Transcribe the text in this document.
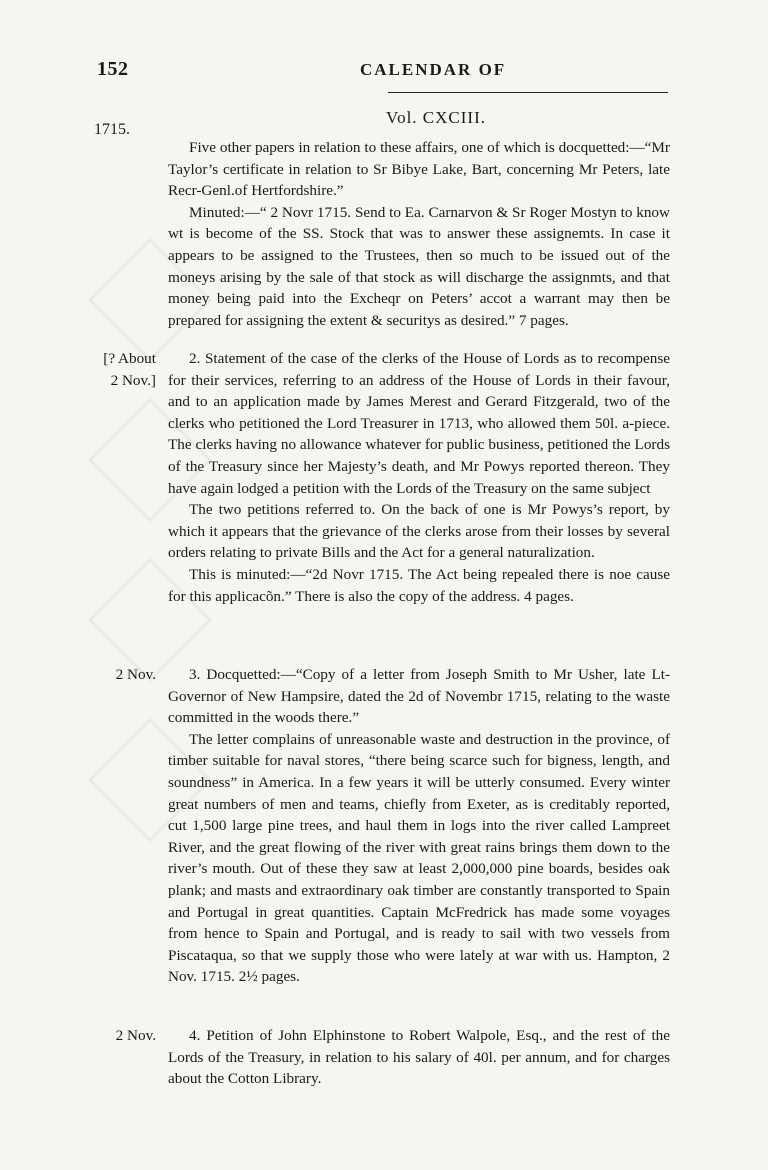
152	CALENDAR OF
Vol. CXCIII.
1715.

Five other papers in relation to these affairs, one of which is docquetted:—“Mr Taylor’s certificate in relation to Sr Bibye Lake, Bart, concerning Mr Peters, late Recr-Genl.of Hertfordshire.”

Minuted:—“ 2 Novr 1715. Send to Ea. Carnarvon & Sr Roger Mostyn to know wt is become of the SS. Stock that was to answer these assignemts. In case it appears to be assigned to the Trustees, then so much to be issued out of the moneys arising by the sale of that stock as will discharge the assignmts, and that money being paid into the Excheqr on Peters’ accot a warrant may then be prepared for assigning the extent & securitys as desired.” 7 pages.

[? About 2 Nov.]

2. Statement of the case of the clerks of the House of Lords as to recompense for their services, referring to an address of the House of Lords in their favour, and to an application made by James Merest and Gerard Fitzgerald, two of the clerks who petitioned the Lord Treasurer in 1713, who allowed them 50l. a-piece. The clerks having no allowance whatever for public business, petitioned the Lords of the Treasury since her Majesty’s death, and Mr Powys reported thereon. They have again lodged a petition with the Lords of the Treasury on the same subject

The two petitions referred to. On the back of one is Mr Powys’s report, by which it appears that the grievance of the clerks arose from their losses by several orders relating to private Bills and the Act for a general naturalization.

This is minuted:—“2d Novr 1715. The Act being repealed there is noe cause for this applicacõn.” There is also the copy of the address. 4 pages.

2 Nov.	3. Docquetted:—“Copy of a letter from Joseph Smith to Mr Usher, late Lt-Governor of New Hampsire, dated the 2d of Novembr 1715, relating to the waste committed in the woods there.”

The letter complains of unreasonable waste and destruction in the province, of timber suitable for naval stores, “there being scarce such for bigness, length, and soundness” in America. In a few years it will be utterly consumed. Every winter great numbers of men and teams, chiefly from Exeter, as is creditably reported, cut 1,500 large pine trees, and haul them in logs into the river called Lampreet River, and the great flowing of the river with great rains brings them down to the river’s mouth. Out of these they saw at least 2,000,000 pine boards, besides oak plank; and masts and extraordinary oak timber are constantly transported to Spain and Portugal in great quantities. Captain McFredrick has made some voyages from hence to Spain and Portugal, and is ready to sail with two vessels from Piscataqua, so that we supply those who were lately at war with us. Hampton, 2 Nov. 1715. 2½ pages.

2 Nov.	4. Petition of John Elphinstone to Robert Walpole, Esq., and the rest of the Lords of the Treasury, in relation to his salary of 40l. per annum, and for charges about the Cotton Library.
